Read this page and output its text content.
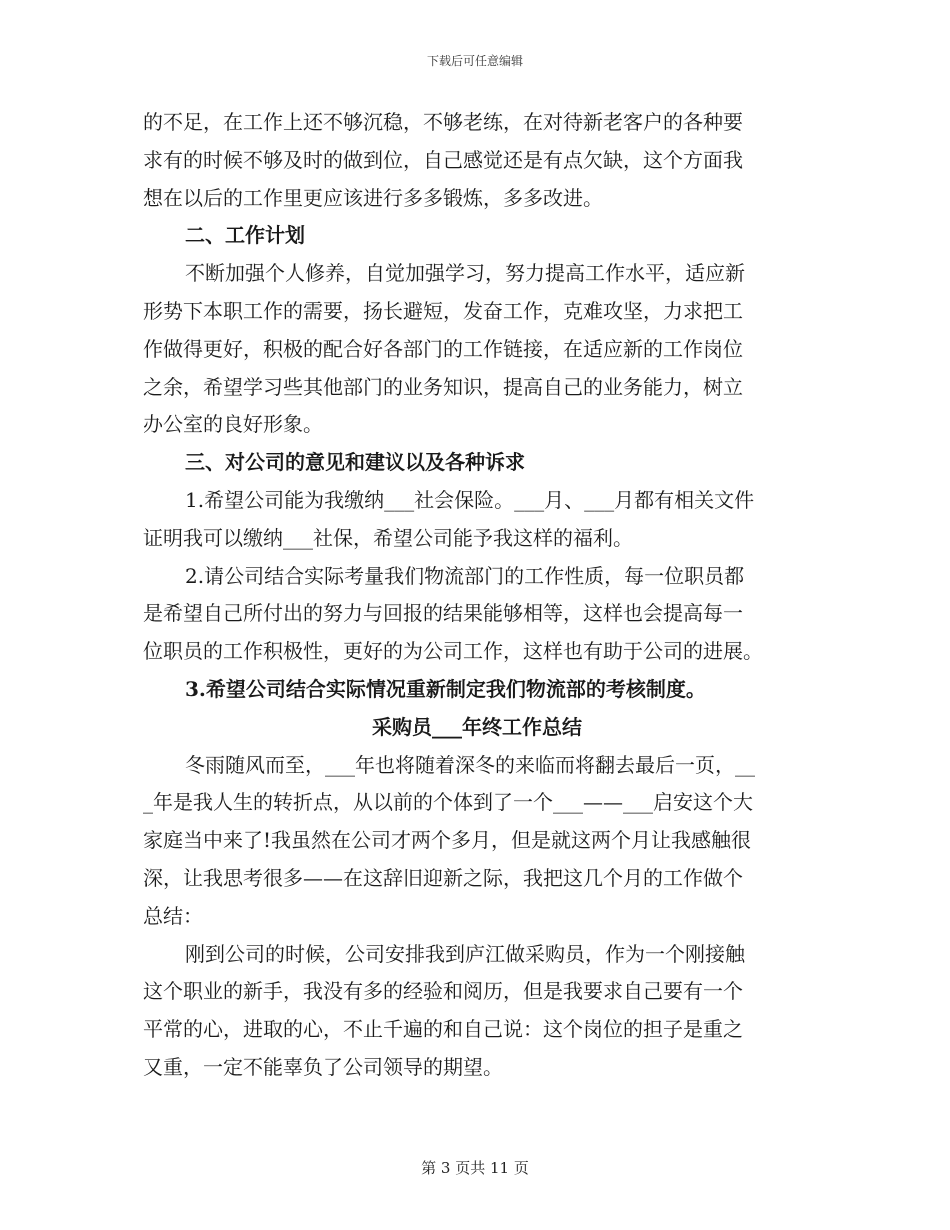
下载后可任意编辑
的不足，在工作上还不够沉稳，不够老练，在对待新老客户的各种要
求有的时候不够及时的做到位，自己感觉还是有点欠缺，这个方面我
想在以后的工作里更应该进行多多锻炼，多多改进。
二、工作计划
不断加强个人修养，自觉加强学习，努力提高工作水平，适应新
形势下本职工作的需要，扬长避短，发奋工作，克难攻坚，力求把工
作做得更好，积极的配合好各部门的工作链接，在适应新的工作岗位
之余，希望学习些其他部门的业务知识，提高自己的业务能力，树立
办公室的良好形象。
三、对公司的意见和建议以及各种诉求
1.希望公司能为我缴纳___社会保险。___月、___月都有相关文件
证明我可以缴纳___社保，希望公司能予我这样的福利。
2.请公司结合实际考量我们物流部门的工作性质，每一位职员都
是希望自己所付出的努力与回报的结果能够相等，这样也会提高每一
位职员的工作积极性，更好的为公司工作，这样也有助于公司的进展。
3.希望公司结合实际情况重新制定我们物流部的考核制度。
采购员___年终工作总结
冬雨随风而至，___年也将随着深冬的来临而将翻去最后一页，__
_年是我人生的转折点，从以前的个体到了一个___——___启安这个大
家庭当中来了!我虽然在公司才两个多月，但是就这两个月让我感触很
深，让我思考很多——在这辞旧迎新之际，我把这几个月的工作做个
总结：
刚到公司的时候，公司安排我到庐江做采购员，作为一个刚接触
这个职业的新手，我没有多的经验和阅历，但是我要求自己要有一个
平常的心，进取的心，不止千遍的和自己说：这个岗位的担子是重之
又重，一定不能辜负了公司领导的期望。
第 3 页共 11 页
